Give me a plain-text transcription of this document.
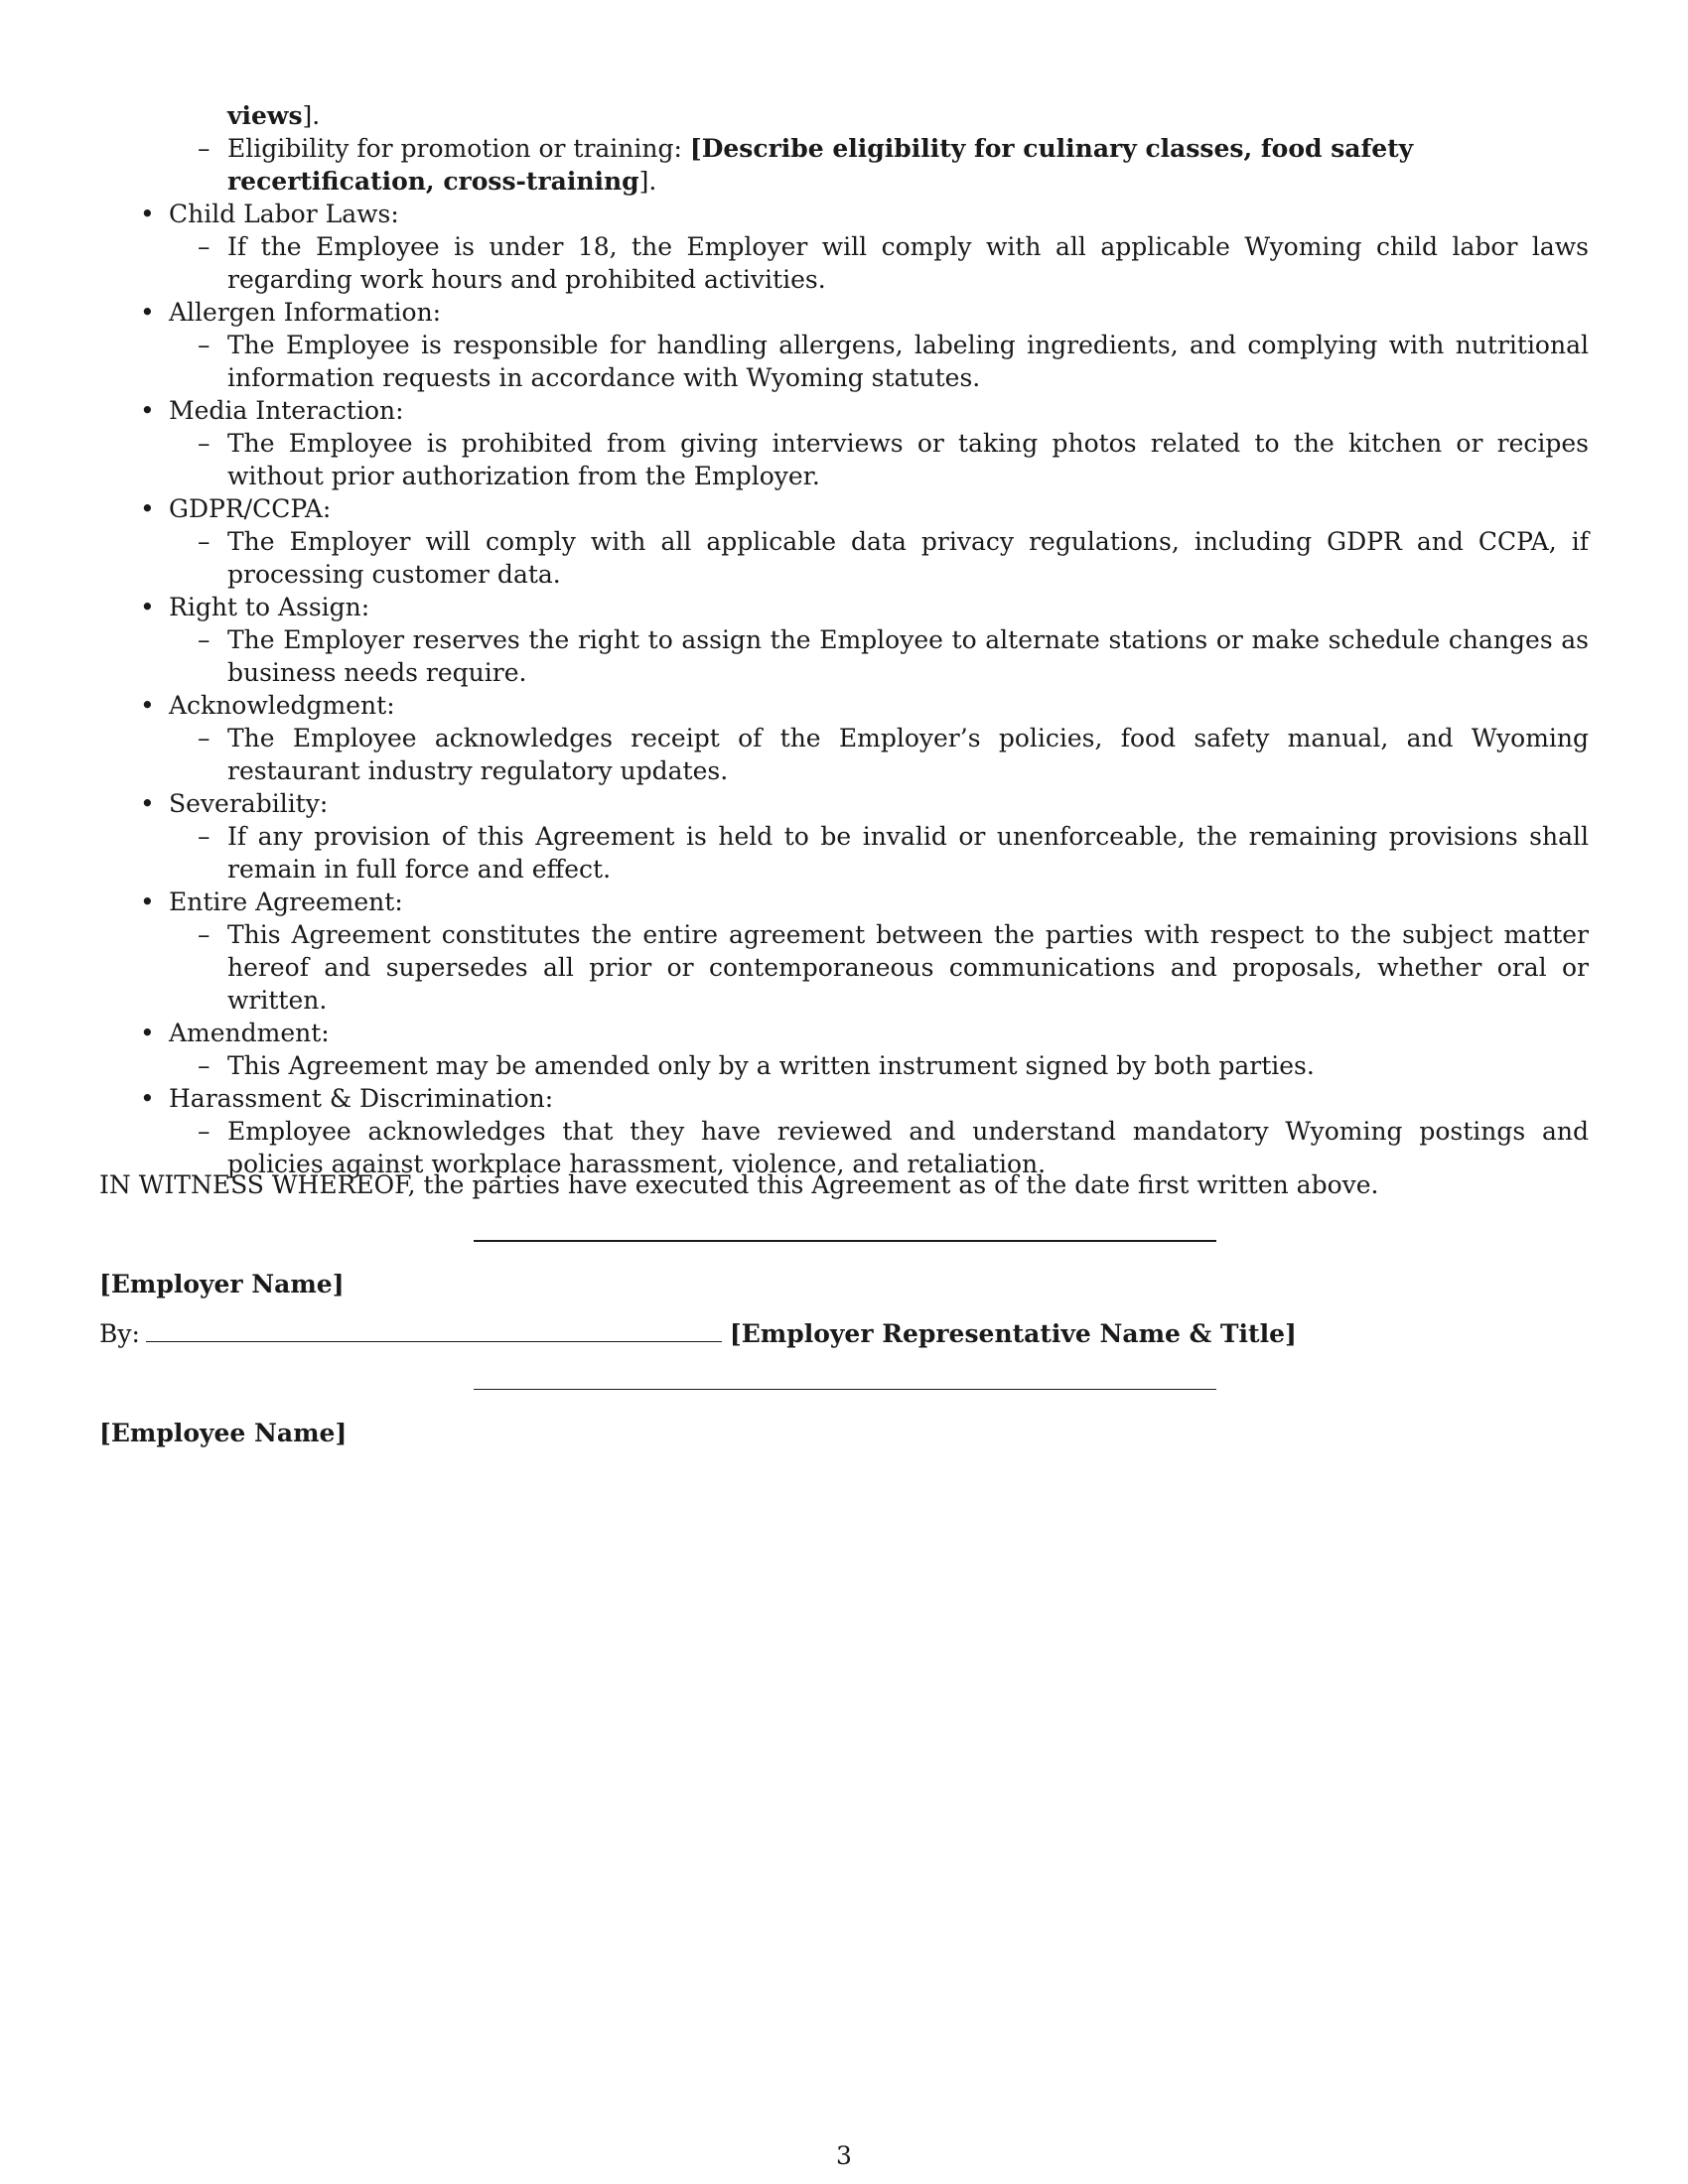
views].
– Eligibility for promotion or training: [Describe eligibility for culinary classes, food safety recertification, cross-training].
• Child Labor Laws:
– If the Employee is under 18, the Employer will comply with all applicable Wyoming child labor laws regarding work hours and prohibited activities.
• Allergen Information:
– The Employee is responsible for handling allergens, labeling ingredients, and complying with nutritional information requests in accordance with Wyoming statutes.
• Media Interaction:
– The Employee is prohibited from giving interviews or taking photos related to the kitchen or recipes without prior authorization from the Employer.
• GDPR/CCPA:
– The Employer will comply with all applicable data privacy regulations, including GDPR and CCPA, if processing customer data.
• Right to Assign:
– The Employer reserves the right to assign the Employee to alternate stations or make schedule changes as business needs require.
• Acknowledgment:
– The Employee acknowledges receipt of the Employer’s policies, food safety manual, and Wyoming restaurant industry regulatory updates.
• Severability:
– If any provision of this Agreement is held to be invalid or unenforceable, the remaining provisions shall remain in full force and effect.
• Entire Agreement:
– This Agreement constitutes the entire agreement between the parties with respect to the subject matter hereof and supersedes all prior or contemporaneous communications and proposals, whether oral or written.
• Amendment:
– This Agreement may be amended only by a written instrument signed by both parties.
• Harassment & Discrimination:
– Employee acknowledges that they have reviewed and understand mandatory Wyoming postings and policies against workplace harassment, violence, and retaliation.
IN WITNESS WHEREOF, the parties have executed this Agreement as of the date first written above.
[Employer Name]
By:	[Employer Representative Name & Title]
[Employee Name]
3
